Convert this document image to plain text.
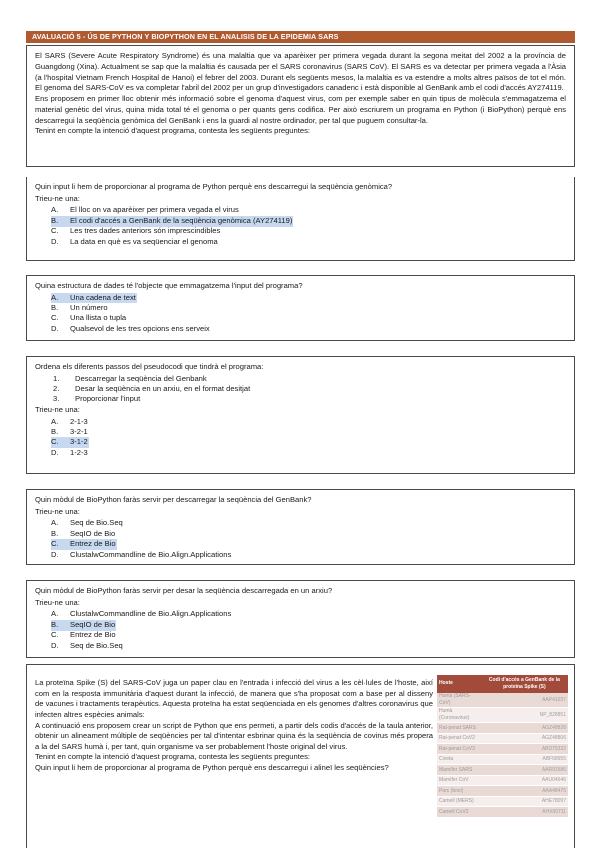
AVALUACIÓ 5 - ÚS DE PYTHON Y BIOPYTHON EN EL ANALISIS DE LA EPIDEMIA SARS

El SARS (Severe Acute Respiratory Syndrome) és una malaltia que va aparèixer per primera vegada durant la segona meitat del 2002 a la província de Guangdong (Xina). Actualment se sap que la malaltia és causada per el SARS coronavirus (SARS CoV). El SARS es va detectar per primera vegada a l'Àsia (a l'hospital Vietnam French Hospital de Hanoi) el febrer del 2003. Durant els següents mesos, la malaltia es va estendre a molts altres països de tot el món. El genoma del SARS-CoV es va completar l'abril del 2002 per un grup d'investigadors canadenc i està disponible al GenBank amb el codi d'accés AY274119.

Ens proposem en primer lloc obtenir més informació sobre el genoma d'aquest virus, com per exemple saber en quin tipus de molècula s'emmagatzema el material genètic del virus, quina mida total té el genoma o per quants gens codifica. Per això escriurem un programa en Python (i BioPython) perquè ens descarregui la seqüència genòmica del GenBank i ens la guardi al nostre ordinador, per tal que puguem consultar-la.

Tenint en compte la intenció d'aquest programa, contesta les següents preguntes:

Quin input li hem de proporcionar al programa de Python perquè ens descarregui la seqüència genòmica?
Trieu-ne una:
A.	El lloc on va aparèixer per primera vegada el virus
B.	El codi d'accés a GenBank de la seqüència genòmica (AY274119)
C.	Les tres dades anteriors són imprescindibles
D.	La data en què es va seqüenciar el genoma
Quina estructura de dades té l'objecte que emmagatzema l'input del programa?
A.	Una cadena de text
B.	Un número
C.	Una llista o tupla
D.	Qualsevol de les tres opcions ens serveix
Ordena els diferents passos del pseudocodi que tindrà el programa:
1.	Descarregar la seqüència del Genbank
2.	Desar la seqüència en un arxiu, en el format desitjat
3.	Proporcionar l'input
Trieu-ne una:
A.	2-1-3
B.	3-2-1
C.	3-1-2
D.	1-2-3
Quin mòdul de BioPython faràs servir per descarregar la seqüència del GenBank?
Trieu-ne una:
A.	Seq de Bio.Seq
B.	SeqIO de Bio
C.	Entrez de Bio
D.	ClustalwCommandline de Bio.Align.Applications
Quin mòdul de BioPython faràs servir per desar la seqüència descarregada en un arxiu?
Trieu-ne una:
A.	ClustalwCommandline de Bio.Align.Applications
B.	SeqIO de Bio
C.	Entrez de Bio
D.	Seq de Bio.Seq

La proteïna Spike (S) del SARS-CoV juga un paper clau en l'entrada i infecció del virus a les cèl·lules de l'hoste, així com en la resposta immunitària d'aquest durant la infecció, de manera que s'ha proposat com a base per al disseny de vacunes i tractaments terapèutics. Aquesta proteïna ha estat seqüenciada en els genomes d'altres coronavirus que infecten altres espècies animals:

A continuació ens proposem crear un script de Python que ens permeti, a partir dels codis d'accés de la taula anterior, obtenir un alineament múltiple de seqüències per tal d'intentar esbrinar quina és la seqüència de covirus més propera a la del SARS humà i, per tant, quin organisme va ser probablement l'hoste original del virus.

Tenint en compte la intenció d'aquest programa, contesta les següents preguntes:

Quin input li hem de proporcionar al programa de Python perquè ens descarregui i alineï les seqüències?

Hoste	Codi d'accés a GenBank de la proteïna Spike (S)
Humà (SARS-CoV)	AAP41037
Humà (Coronavirus)	NP_828851
Rat-penat SARS	AGZ48828
Rat-penat CoV2	AGZ48806
Rat-penat CoV3	ABD75332
Civeta	ABF68955
Mamífer SARS	AAR91586
Mamífer CoV	AAU04646
Porc (boví)	AAA48475
Camell (MERS)	AHE78097
Camell CoV2	AHX00711
